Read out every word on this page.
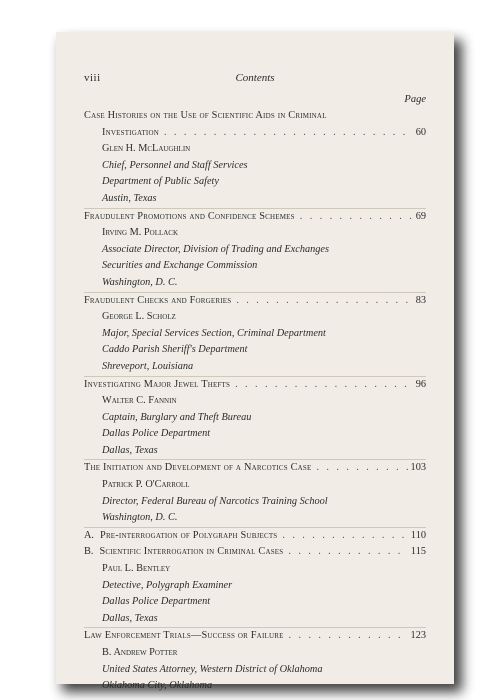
viii	Contents
Page
Case Histories on the Use of Scientific Aids in Criminal
Investigation . . .	60
Glen H. McLaughlin
Chief, Personnel and Staff Services
Department of Public Safety
Austin, Texas
Fraudulent Promotions and Confidence Schemes . . .	69
Irving M. Pollack
Associate Director, Division of Trading and Exchanges
Securities and Exchange Commission
Washington, D. C.
Fraudulent Checks and Forgeries . . .	83
George L. Scholz
Major, Special Services Section, Criminal Department
Caddo Parish Sheriff's Department
Shreveport, Louisiana
Investigating Major Jewel Thefts . . .	96
Walter C. Fannin
Captain, Burglary and Theft Bureau
Dallas Police Department
Dallas, Texas
The Initiation and Development of a Narcotics Case . . .	103
Patrick P. O'Carroll
Director, Federal Bureau of Narcotics Training School
Washington, D. C.
A. Pre-interrogation of Polygraph Subjects . . .	110
B. Scientific Interrogation in Criminal Cases . . .	115
Paul L. Bentley
Detective, Polygraph Examiner
Dallas Police Department
Dallas, Texas
Law Enforcement Trials—Success or Failure . . .	123
B. Andrew Potter
United States Attorney, Western District of Oklahoma
Oklahoma City, Oklahoma
